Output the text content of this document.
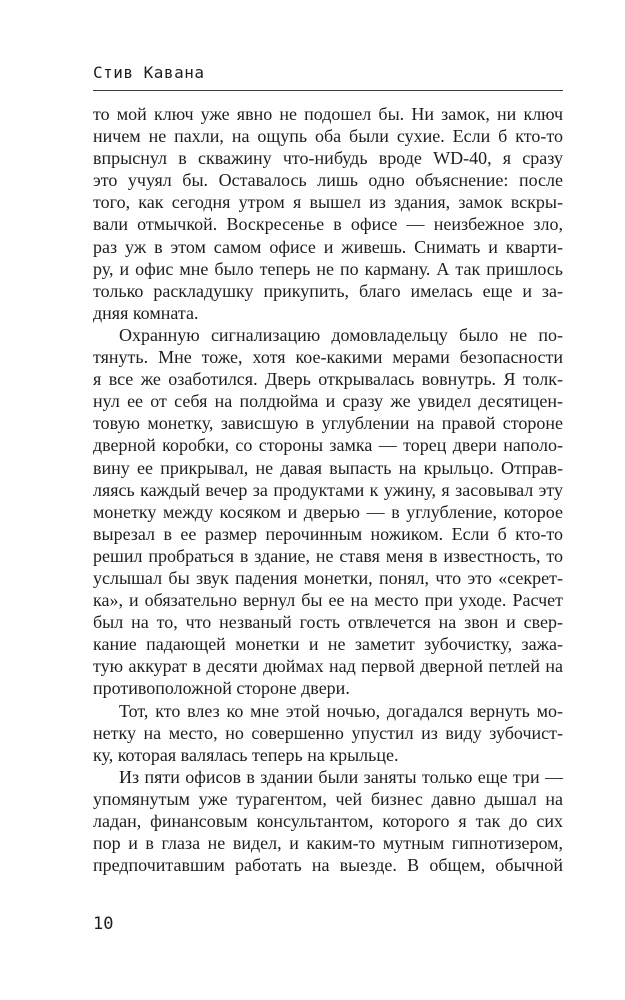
Стив Кавана
то мой ключ уже явно не подошел бы. Ни замок, ни ключ
ничем не пахли, на ощупь оба были сухие. Если б кто-то
впрыснул в скважину что-нибудь вроде WD-40, я сразу
это учуял бы. Оставалось лишь одно объяснение: после
того, как сегодня утром я вышел из здания, замок вскры-
вали отмычкой. Воскресенье в офисе — неизбежное зло,
раз уж в этом самом офисе и живешь. Снимать и кварти-
ру, и офис мне было теперь не по карману. А так пришлось
только раскладушку прикупить, благо имелась еще и за-
дняя комната.
Охранную сигнализацию домовладельцу было не по-
тянуть. Мне тоже, хотя кое-какими мерами безопасности
я все же озаботился. Дверь открывалась вовнутрь. Я толк-
нул ее от себя на полдюйма и сразу же увидел десятицен-
товую монетку, зависшую в углублении на правой стороне
дверной коробки, со стороны замка — торец двери наполо-
вину ее прикрывал, не давая выпасть на крыльцо. Отправ-
ляясь каждый вечер за продуктами к ужину, я засовывал эту
монетку между косяком и дверью — в углубление, которое
вырезал в ее размер перочинным ножиком. Если б кто-то
решил пробраться в здание, не ставя меня в известность, то
услышал бы звук падения монетки, понял, что это «секрет-
ка», и обязательно вернул бы ее на место при уходе. Расчет
был на то, что незваный гость отвлечется на звон и свер-
кание падающей монетки и не заметит зубочистку, зажа-
тую аккурат в десяти дюймах над первой дверной петлей на
противоположной стороне двери.
Тот, кто влез ко мне этой ночью, догадался вернуть мо-
нетку на место, но совершенно упустил из виду зубочист-
ку, которая валялась теперь на крыльце.
Из пяти офисов в здании были заняты только еще три —
упомянутым уже турагентом, чей бизнес давно дышал на
ладан, финансовым консультантом, которого я так до сих
пор и в глаза не видел, и каким-то мутным гипнотизером,
предпочитавшим работать на выезде. В общем, обычной
10
